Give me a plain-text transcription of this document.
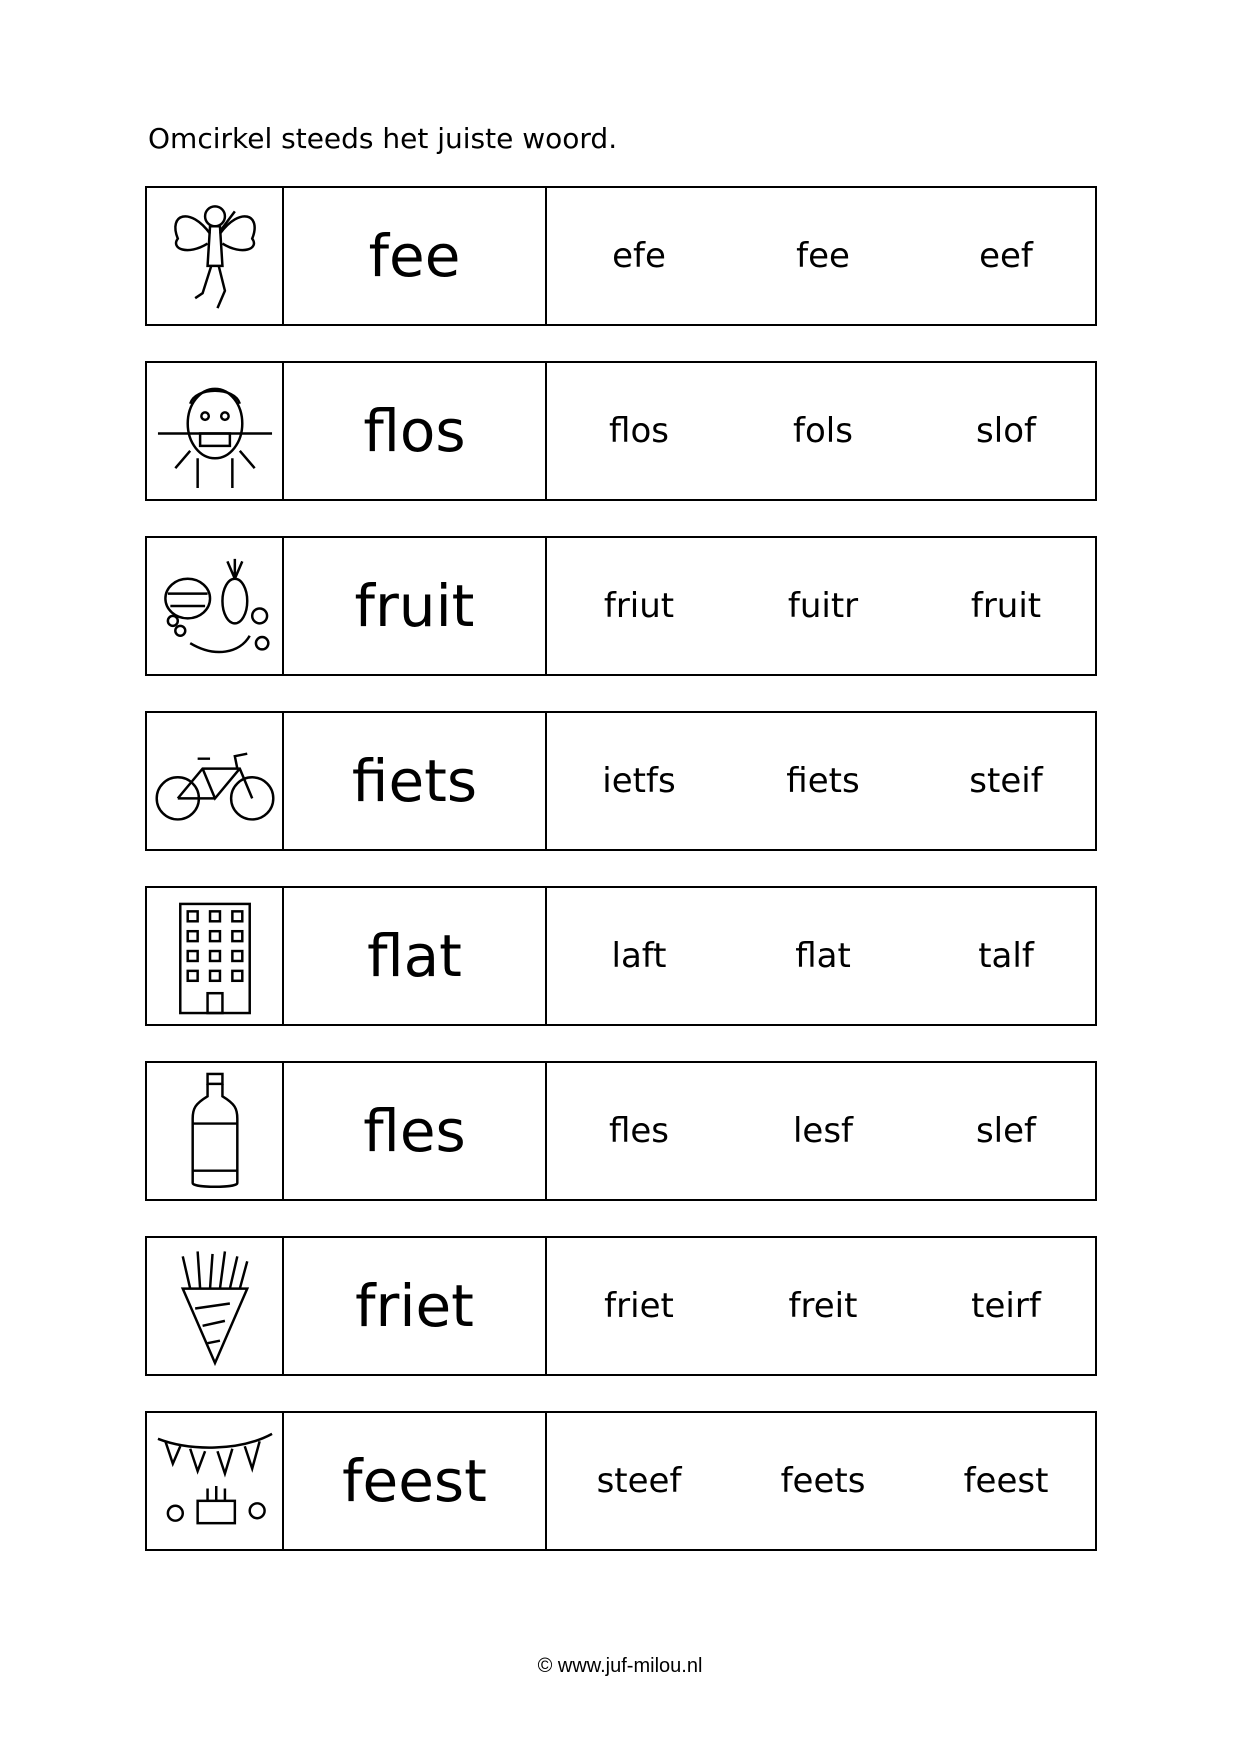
Omcirkel steeds het juiste woord.
fee	efe	fee	eef
flos	flos	fols	slof
fruit	friut	fuitr	fruit
fiets	ietfs	fiets	steif
flat	laft	flat	talf
fles	fles	lesf	slef
friet	friet	freit	teirf
feest	steef	feets	feest
© www.juf-milou.nl
